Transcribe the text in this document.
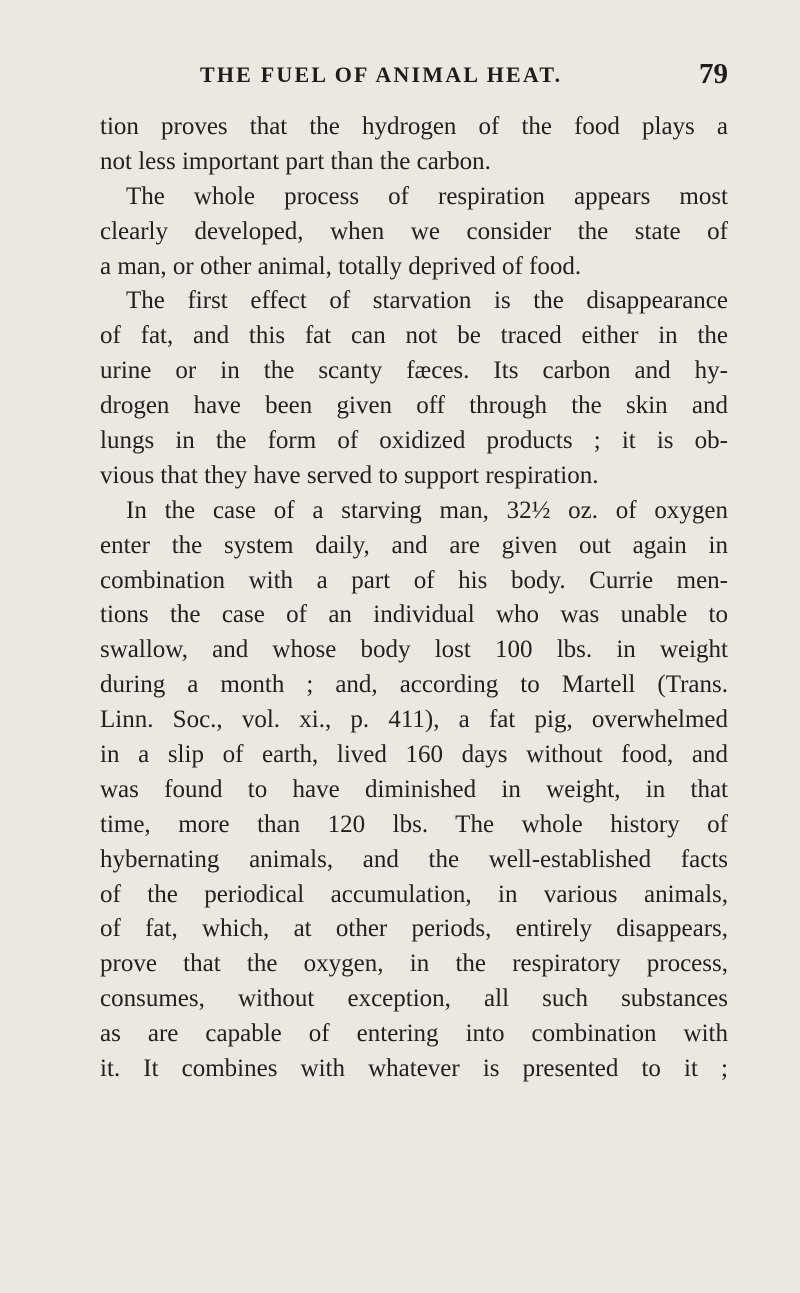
THE FUEL OF ANIMAL HEAT.	79
tion proves that the hydrogen of the food plays a
not less important part than the carbon.
The whole process of respiration appears most
clearly developed, when we consider the state of
a man, or other animal, totally deprived of food.
The first effect of starvation is the disappearance
of fat, and this fat can not be traced either in the
urine or in the scanty fæces. Its carbon and hy-
drogen have been given off through the skin and
lungs in the form of oxidized products ; it is ob-
vious that they have served to support respiration.
In the case of a starving man, 32½ oz. of oxygen
enter the system daily, and are given out again in
combination with a part of his body. Currie men-
tions the case of an individual who was unable to
swallow, and whose body lost 100 lbs. in weight
during a month ; and, according to Martell (Trans.
Linn. Soc., vol. xi., p. 411), a fat pig, overwhelmed
in a slip of earth, lived 160 days without food, and
was found to have diminished in weight, in that
time, more than 120 lbs. The whole history of
hybernating animals, and the well-established facts
of the periodical accumulation, in various animals,
of fat, which, at other periods, entirely disappears,
prove that the oxygen, in the respiratory process,
consumes, without exception, all such substances
as are capable of entering into combination with
it. It combines with whatever is presented to it ;
